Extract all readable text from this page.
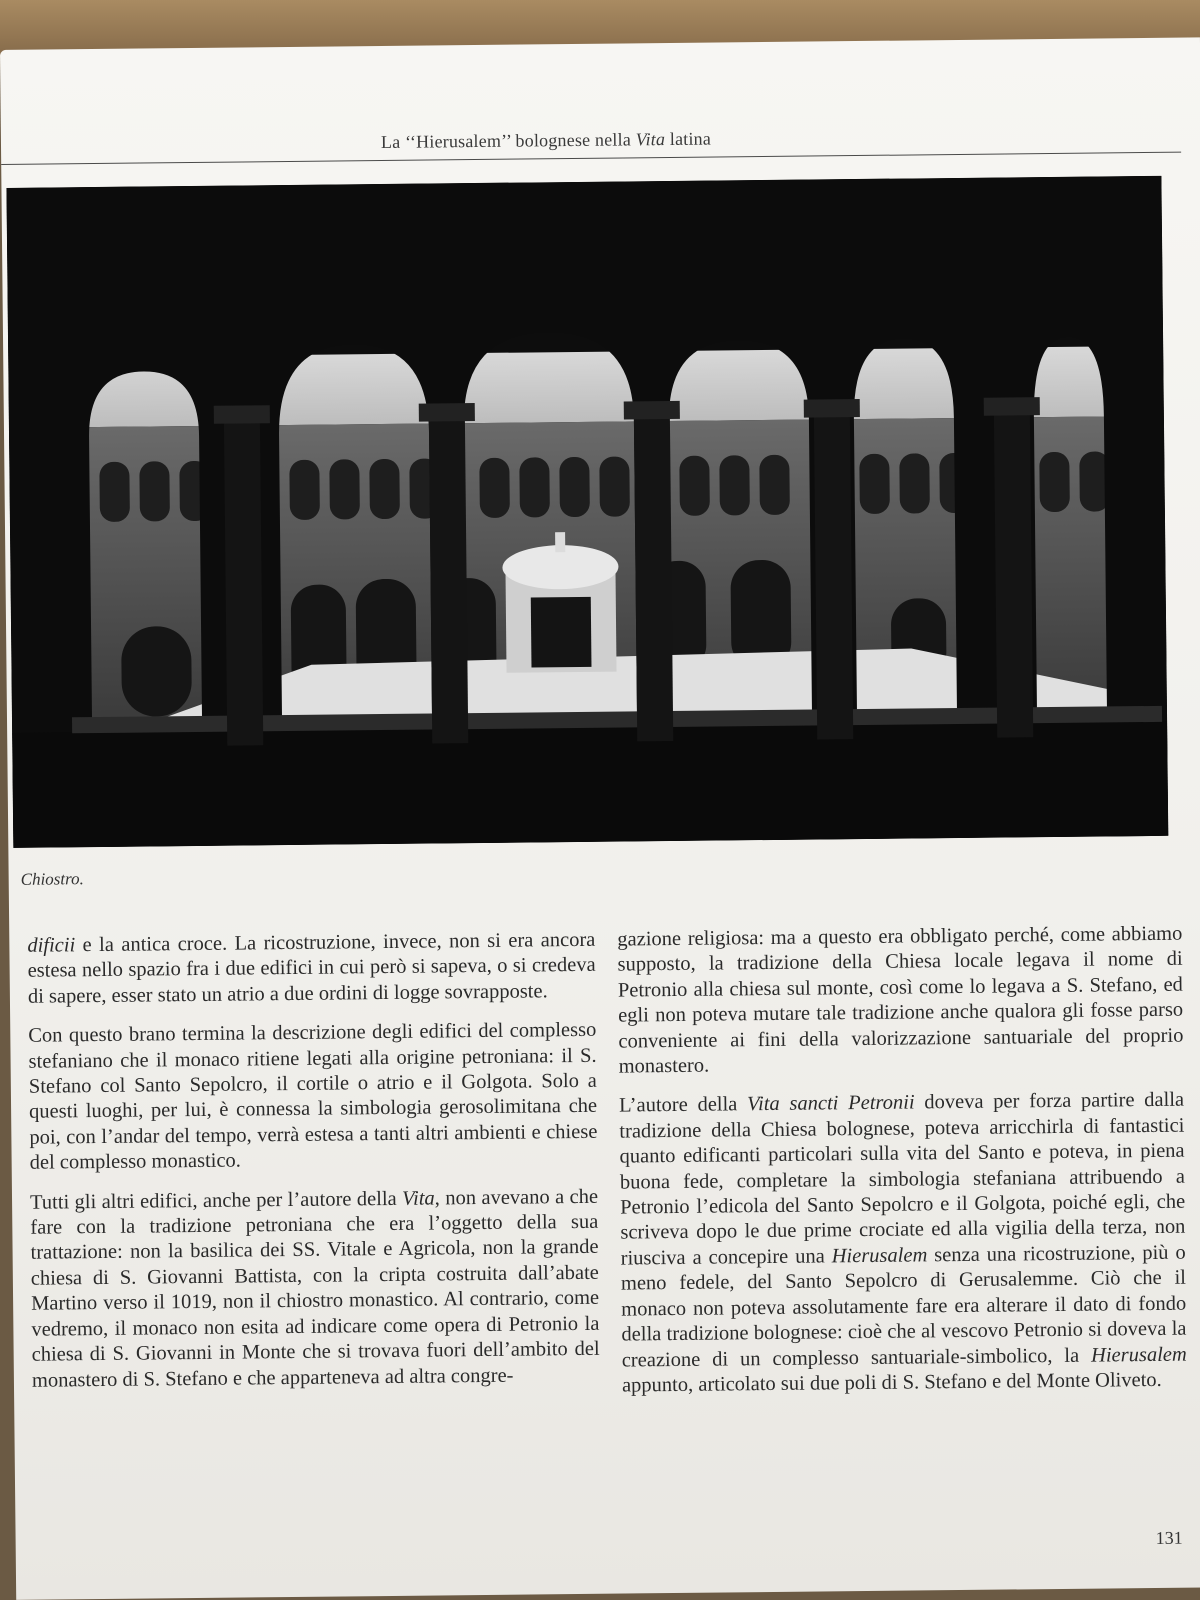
La ‘‘Hierusalem’’ bolognese nella Vita latina
Chiostro.

dificii e la antica croce. La ricostruzione, invece, non si era ancora estesa nello spazio fra i due edifici in cui però si sapeva, o si credeva di sapere, esser stato un atrio a due ordini di logge sovrapposte.

Con questo brano termina la descrizione degli edifici del complesso stefaniano che il monaco ritiene legati alla origine petroniana: il S. Stefano col Santo Sepolcro, il cortile o atrio e il Golgota. Solo a questi luoghi, per lui, è connessa la simbologia gerosolimitana che poi, con l’andar del tempo, verrà estesa a tanti altri ambienti e chiese del complesso monastico.

Tutti gli altri edifici, anche per l’autore della Vita, non avevano a che fare con la tradizione petroniana che era l’oggetto della sua trattazione: non la basilica dei SS. Vitale e Agricola, non la grande chiesa di S. Giovanni Battista, con la cripta costruita dall’abate Martino verso il 1019, non il chiostro monastico. Al contrario, come vedremo, il monaco non esita ad indicare come opera di Petronio la chiesa di S. Giovanni in Monte che si trovava fuori dell’ambito del monastero di S. Stefano e che apparteneva ad altra congre-

gazione religiosa: ma a questo era obbligato perché, come abbiamo supposto, la tradizione della Chiesa locale legava il nome di Petronio alla chiesa sul monte, così come lo legava a S. Stefano, ed egli non poteva mutare tale tradizione anche qualora gli fosse parso conveniente ai fini della valorizzazione santuariale del proprio monastero.

L’autore della Vita sancti Petronii doveva per forza partire dalla tradizione della Chiesa bolognese, poteva arricchirla di fantastici quanto edificanti particolari sulla vita del Santo e poteva, in piena buona fede, completare la simbologia stefaniana attribuendo a Petronio l’edicola del Santo Sepolcro e il Golgota, poiché egli, che scriveva dopo le due prime crociate ed alla vigilia della terza, non riusciva a concepire una Hierusalem senza una ricostruzione, più o meno fedele, del Santo Sepolcro di Gerusalemme. Ciò che il monaco non poteva assolutamente fare era alterare il dato di fondo della tradizione bolognese: cioè che al vescovo Petronio si doveva la creazione di un complesso santuariale-simbolico, la Hierusalem appunto, articolato sui due poli di S. Stefano e del Monte Oliveto.

131
